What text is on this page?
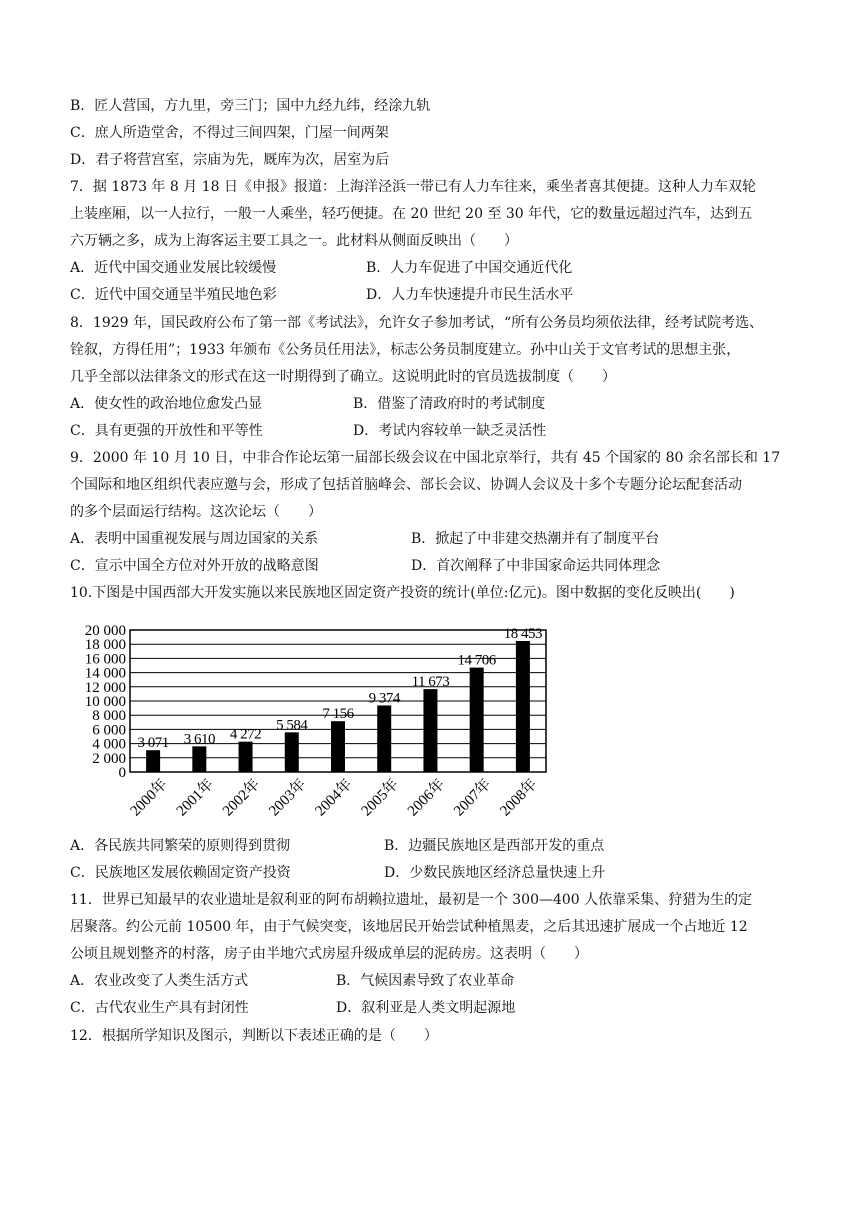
B．匠人营国，方九里，旁三门；国中九经九纬，经涂九轨
C．庶人所造堂舍，不得过三间四架，门屋一间两架
D．君子将营宫室，宗庙为先，厩库为次，居室为后
7．据 1873 年 8 月 18 日《申报》报道：上海洋泾浜一带已有人力车往来，乘坐者喜其便捷。这种人力车双轮
上装座厢，以一人拉行，一般一人乘坐，轻巧便捷。在 20 世纪 20 至 30 年代，它的数量远超过汽车，达到五
六万辆之多，成为上海客运主要工具之一。此材料从侧面反映出（　　）
A．近代中国交通业发展比较缓慢	B．人力车促进了中国交通近代化
C．近代中国交通呈半殖民地色彩	D．人力车快速提升市民生活水平
8．1929 年，国民政府公布了第一部《考试法》，允许女子参加考试，“所有公务员均须依法律，经考试院考选、
铨叙，方得任用”；1933 年颁布《公务员任用法》，标志公务员制度建立。孙中山关于文官考试的思想主张，
几乎全部以法律条文的形式在这一时期得到了确立。这说明此时的官员选拔制度（　　）
A．使女性的政治地位愈发凸显	B．借鉴了清政府时的考试制度
C．具有更强的开放性和平等性	D．考试内容较单一缺乏灵活性
9．2000 年 10 月 10 日，中非合作论坛第一届部长级会议在中国北京举行，共有 45 个国家的 80 余名部长和 17
个国际和地区组织代表应邀与会，形成了包括首脑峰会、部长会议、协调人会议及十多个专题分论坛配套活动
的多个层面运行结构。这次论坛（　　）
A．表明中国重视发展与周边国家的关系	B．掀起了中非建交热潮并有了制度平台
C．宣示中国全方位对外开放的战略意图	D．首次阐释了中非国家命运共同体理念
10.下图是中国西部大开发实施以来民族地区固定资产投资的统计(单位:亿元)。图中数据的变化反映出(　　)
0
2 000
4 000
6 000
8 000
10 000
12 000
14 000
16 000
18 000
20 000
3 071
2000年
3 610
2001年
4 272
2002年
5 584
2003年
7 156
2004年
9 374
2005年
11 673
2006年
14 706
2007年
18 453
2008年
A．各民族共同繁荣的原则得到贯彻	B．边疆民族地区是西部开发的重点
C．民族地区发展依赖固定资产投资	D．少数民族地区经济总量快速上升
11．世界已知最早的农业遗址是叙利亚的阿布胡赖拉遗址，最初是一个 300—400 人依靠采集、狩猎为生的定
居聚落。约公元前 10500 年，由于气候突变，该地居民开始尝试种植黑麦，之后其迅速扩展成一个占地近 12
公顷且规划整齐的村落，房子由半地穴式房屋升级成单层的泥砖房。这表明（　　）
A．农业改变了人类生活方式	B．气候因素导致了农业革命
C．古代农业生产具有封闭性	D．叙利亚是人类文明起源地
12．根据所学知识及图示，判断以下表述正确的是（　　）
